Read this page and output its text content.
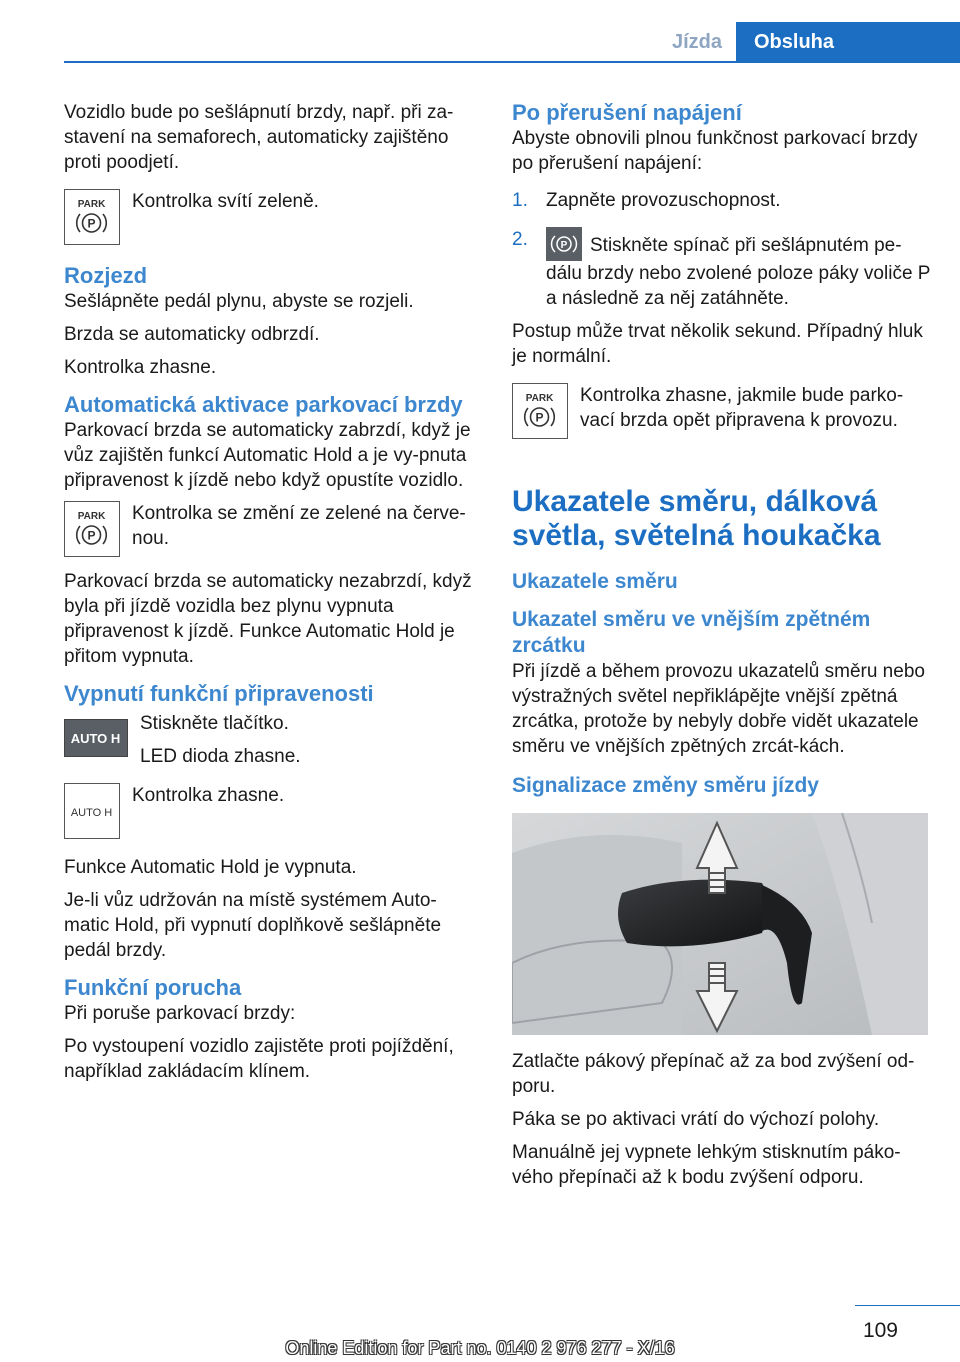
Jízda Obsluha

Vozidlo bude po sešlápnutí brzdy, např. při za-stavení na semaforech, automaticky zajištěno proti poodjetí.

PARK
P
Kontrolka svítí zeleně.
Rozjezd

Sešlápněte pedál plynu, abyste se rozjeli.

Brzda se automaticky odbrzdí.

Kontrolka zhasne.

Automatická aktivace parkovací brzdy

Parkovací brzda se automaticky zabrzdí, když je vůz zajištěn funkcí Automatic Hold a je vy-pnuta připravenost k jízdě nebo když opustíte vozidlo.

PARK
P
Kontrolka se změní ze zelené na červe-nou.

Parkovací brzda se automaticky nezabrzdí, když byla při jízdě vozidla bez plynu vypnuta připravenost k jízdě. Funkce Automatic Hold je přitom vypnuta.

Vypnutí funkční připravenosti
AUTO H

Stiskněte tlačítko.

LED dioda zhasne.

AUTO H
Kontrolka zhasne.

Funkce Automatic Hold je vypnuta.

Je-li vůz udržován na místě systémem Auto-matic Hold, při vypnutí doplňkově sešlápněte pedál brzdy.

Funkční porucha

Při poruše parkovací brzdy:

Po vystoupení vozidlo zajistěte proti pojíždění, například zakládacím klínem.

Po přerušení napájení

Abyste obnovili plnou funkčnost parkovací brzdy po přerušení napájení:

1. Zapněte provozuschopnost.
2.	P Stiskněte spínač při sešlápnutém pe-dálu brzdy nebo zvolené poloze páky voliče P a následně za něj zatáhněte.

Postup může trvat několik sekund. Případný hluk je normální.

PARK
P
Kontrolka zhasne, jakmile bude parko-vací brzda opět připravena k provozu.
Ukazatele směru, dálková světla, světelná houkačka
Ukazatele směru
Ukazatel směru ve vnějším zpětném zrcátku

Při jízdě a během provozu ukazatelů směru nebo výstražných světel nepřiklápějte vnější zpětná zrcátka, protože by nebyly dobře vidět ukazatele směru ve vnějších zpětných zrcát-kách.

Signalizace změny směru jízdy

Zatlačte pákový přepínač až za bod zvýšení od-poru.

Páka se po aktivaci vrátí do výchozí polohy.

Manuálně jej vypnete lehkým stisknutím páko-vého přepínači až k bodu zvýšení odporu.

109
Online Edition for Part no. 0140 2 976 277 - X/16
